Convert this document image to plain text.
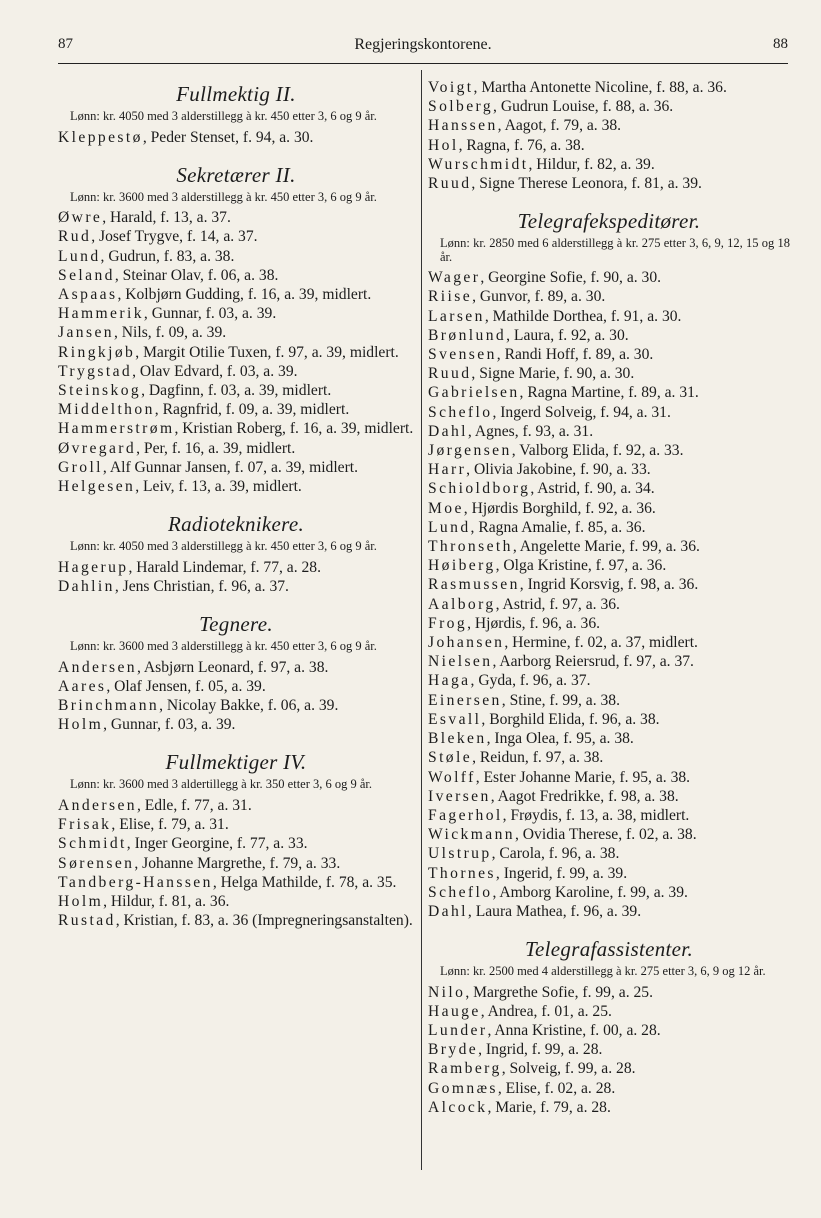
87	Regjeringskontorene.	88
Fullmektig II.
Lønn: kr. 4050 med 3 alderstillegg à kr. 450 etter 3, 6 og 9 år.

Kleppestø, Peder Stenset, f. 94, a. 30.

Sekretærer II.
Lønn: kr. 3600 med 3 alderstillegg à kr. 450 etter 3, 6 og 9 år.

Øwre, Harald, f. 13, a. 37.

Rud, Josef Trygve, f. 14, a. 37.

Lund, Gudrun, f. 83, a. 38.

Seland, Steinar Olav, f. 06, a. 38.

Aspaas, Kolbjørn Gudding, f. 16, a. 39, midlert.

Hammerik, Gunnar, f. 03, a. 39.

Jansen, Nils, f. 09, a. 39.

Ringkjøb, Margit Otilie Tuxen, f. 97, a. 39, midlert.

Trygstad, Olav Edvard, f. 03, a. 39.

Steinskog, Dagfinn, f. 03, a. 39, midlert.

Middelthon, Ragnfrid, f. 09, a. 39, midlert.

Hammerstrøm, Kristian Roberg, f. 16, a. 39, midlert.

Øvregard, Per, f. 16, a. 39, midlert.

Groll, Alf Gunnar Jansen, f. 07, a. 39, midlert.

Helgesen, Leiv, f. 13, a. 39, midlert.

Radioteknikere.
Lønn: kr. 4050 med 3 alderstillegg à kr. 450 etter 3, 6 og 9 år.

Hagerup, Harald Lindemar, f. 77, a. 28.

Dahlin, Jens Christian, f. 96, a. 37.

Tegnere.
Lønn: kr. 3600 med 3 alderstillegg à kr. 450 etter 3, 6 og 9 år.

Andersen, Asbjørn Leonard, f. 97, a. 38.

Aares, Olaf Jensen, f. 05, a. 39.

Brinchmann, Nicolay Bakke, f. 06, a. 39.

Holm, Gunnar, f. 03, a. 39.

Fullmektiger IV.
Lønn: kr. 3600 med 3 aldertillegg à kr. 350 etter 3, 6 og 9 år.

Andersen, Edle, f. 77, a. 31.

Frisak, Elise, f. 79, a. 31.

Schmidt, Inger Georgine, f. 77, a. 33.

Sørensen, Johanne Margrethe, f. 79, a. 33.

Tandberg-Hanssen, Helga Mathilde, f. 78, a. 35.

Holm, Hildur, f. 81, a. 36.

Rustad, Kristian, f. 83, a. 36 (Impregneringsanstalten).

Voigt, Martha Antonette Nicoline, f. 88, a. 36.

Solberg, Gudrun Louise, f. 88, a. 36.

Hanssen, Aagot, f. 79, a. 38.

Hol, Ragna, f. 76, a. 38.

Wurschmidt, Hildur, f. 82, a. 39.

Ruud, Signe Therese Leonora, f. 81, a. 39.

Telegrafekspeditører.
Lønn: kr. 2850 med 6 alderstillegg à kr. 275 etter 3, 6, 9, 12, 15 og 18 år.

Wager, Georgine Sofie, f. 90, a. 30.

Riise, Gunvor, f. 89, a. 30.

Larsen, Mathilde Dorthea, f. 91, a. 30.

Brønlund, Laura, f. 92, a. 30.

Svensen, Randi Hoff, f. 89, a. 30.

Ruud, Signe Marie, f. 90, a. 30.

Gabrielsen, Ragna Martine, f. 89, a. 31.

Scheflo, Ingerd Solveig, f. 94, a. 31.

Dahl, Agnes, f. 93, a. 31.

Jørgensen, Valborg Elida, f. 92, a. 33.

Harr, Olivia Jakobine, f. 90, a. 33.

Schioldborg, Astrid, f. 90, a. 34.

Moe, Hjørdis Borghild, f. 92, a. 36.

Lund, Ragna Amalie, f. 85, a. 36.

Thronseth, Angelette Marie, f. 99, a. 36.

Høiberg, Olga Kristine, f. 97, a. 36.

Rasmussen, Ingrid Korsvig, f. 98, a. 36.

Aalborg, Astrid, f. 97, a. 36.

Frog, Hjørdis, f. 96, a. 36.

Johansen, Hermine, f. 02, a. 37, midlert.

Nielsen, Aarborg Reiersrud, f. 97, a. 37.

Haga, Gyda, f. 96, a. 37.

Einersen, Stine, f. 99, a. 38.

Esvall, Borghild Elida, f. 96, a. 38.

Bleken, Inga Olea, f. 95, a. 38.

Støle, Reidun, f. 97, a. 38.

Wolff, Ester Johanne Marie, f. 95, a. 38.

Iversen, Aagot Fredrikke, f. 98, a. 38.

Fagerhol, Frøydis, f. 13, a. 38, midlert.

Wickmann, Ovidia Therese, f. 02, a. 38.

Ulstrup, Carola, f. 96, a. 38.

Thornes, Ingerid, f. 99, a. 39.

Scheflo, Amborg Karoline, f. 99, a. 39.

Dahl, Laura Mathea, f. 96, a. 39.

Telegrafassistenter.
Lønn: kr. 2500 med 4 alderstillegg à kr. 275 etter 3, 6, 9 og 12 år.

Nilo, Margrethe Sofie, f. 99, a. 25.

Hauge, Andrea, f. 01, a. 25.

Lunder, Anna Kristine, f. 00, a. 28.

Bryde, Ingrid, f. 99, a. 28.

Ramberg, Solveig, f. 99, a. 28.

Gomnæs, Elise, f. 02, a. 28.

Alcock, Marie, f. 79, a. 28.
